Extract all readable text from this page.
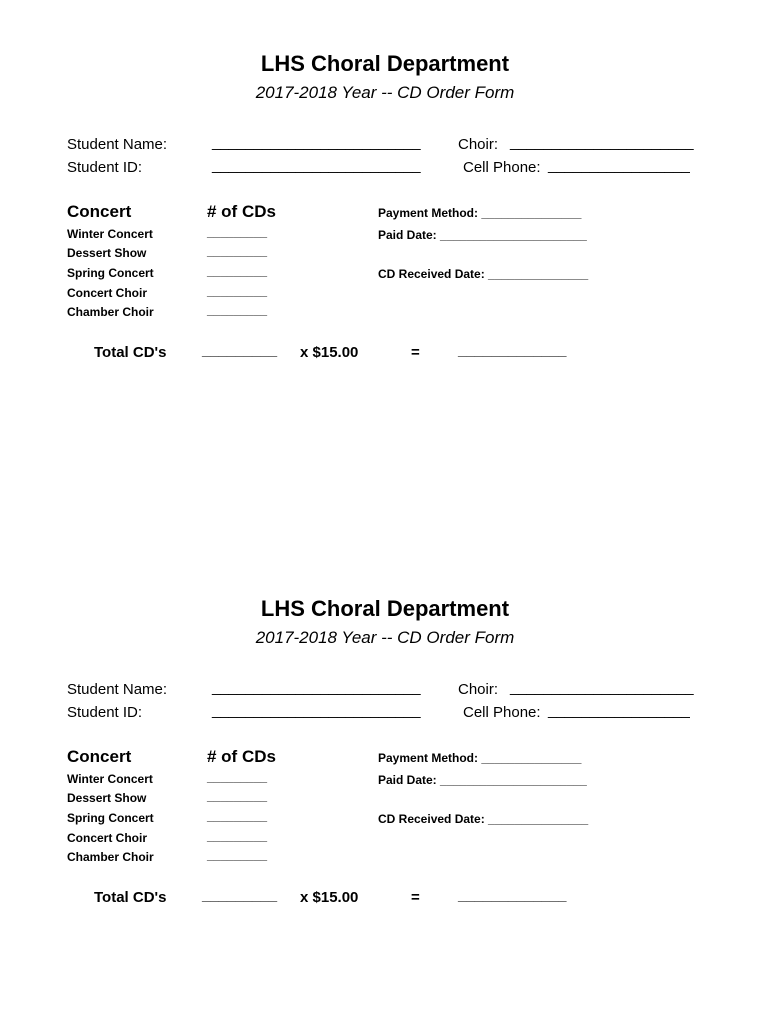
LHS Choral Department
2017-2018 Year -- CD Order Form
Student Name:	_________________________ Choir: ______________________
Student ID:	_________________________	Cell Phone: _________________
Concert	# of CDs
Winter Concert	_________
Dessert Show	_________
Spring Concert	_________
Concert Choir	_________
Chamber Choir	_________
Payment Method: _______________
Paid Date: ______________________
CD Received Date: _______________
Total CD's _________ x $15.00	=	_____________
LHS Choral Department
2017-2018 Year -- CD Order Form
Student Name:	_________________________ Choir: ______________________
Student ID:	_________________________	Cell Phone: _________________
Concert	# of CDs
Winter Concert	_________
Dessert Show	_________
Spring Concert	_________
Concert Choir	_________
Chamber Choir	_________
Payment Method: _______________
Paid Date: ______________________
CD Received Date: _______________
Total CD's _________ x $15.00	=	_____________
